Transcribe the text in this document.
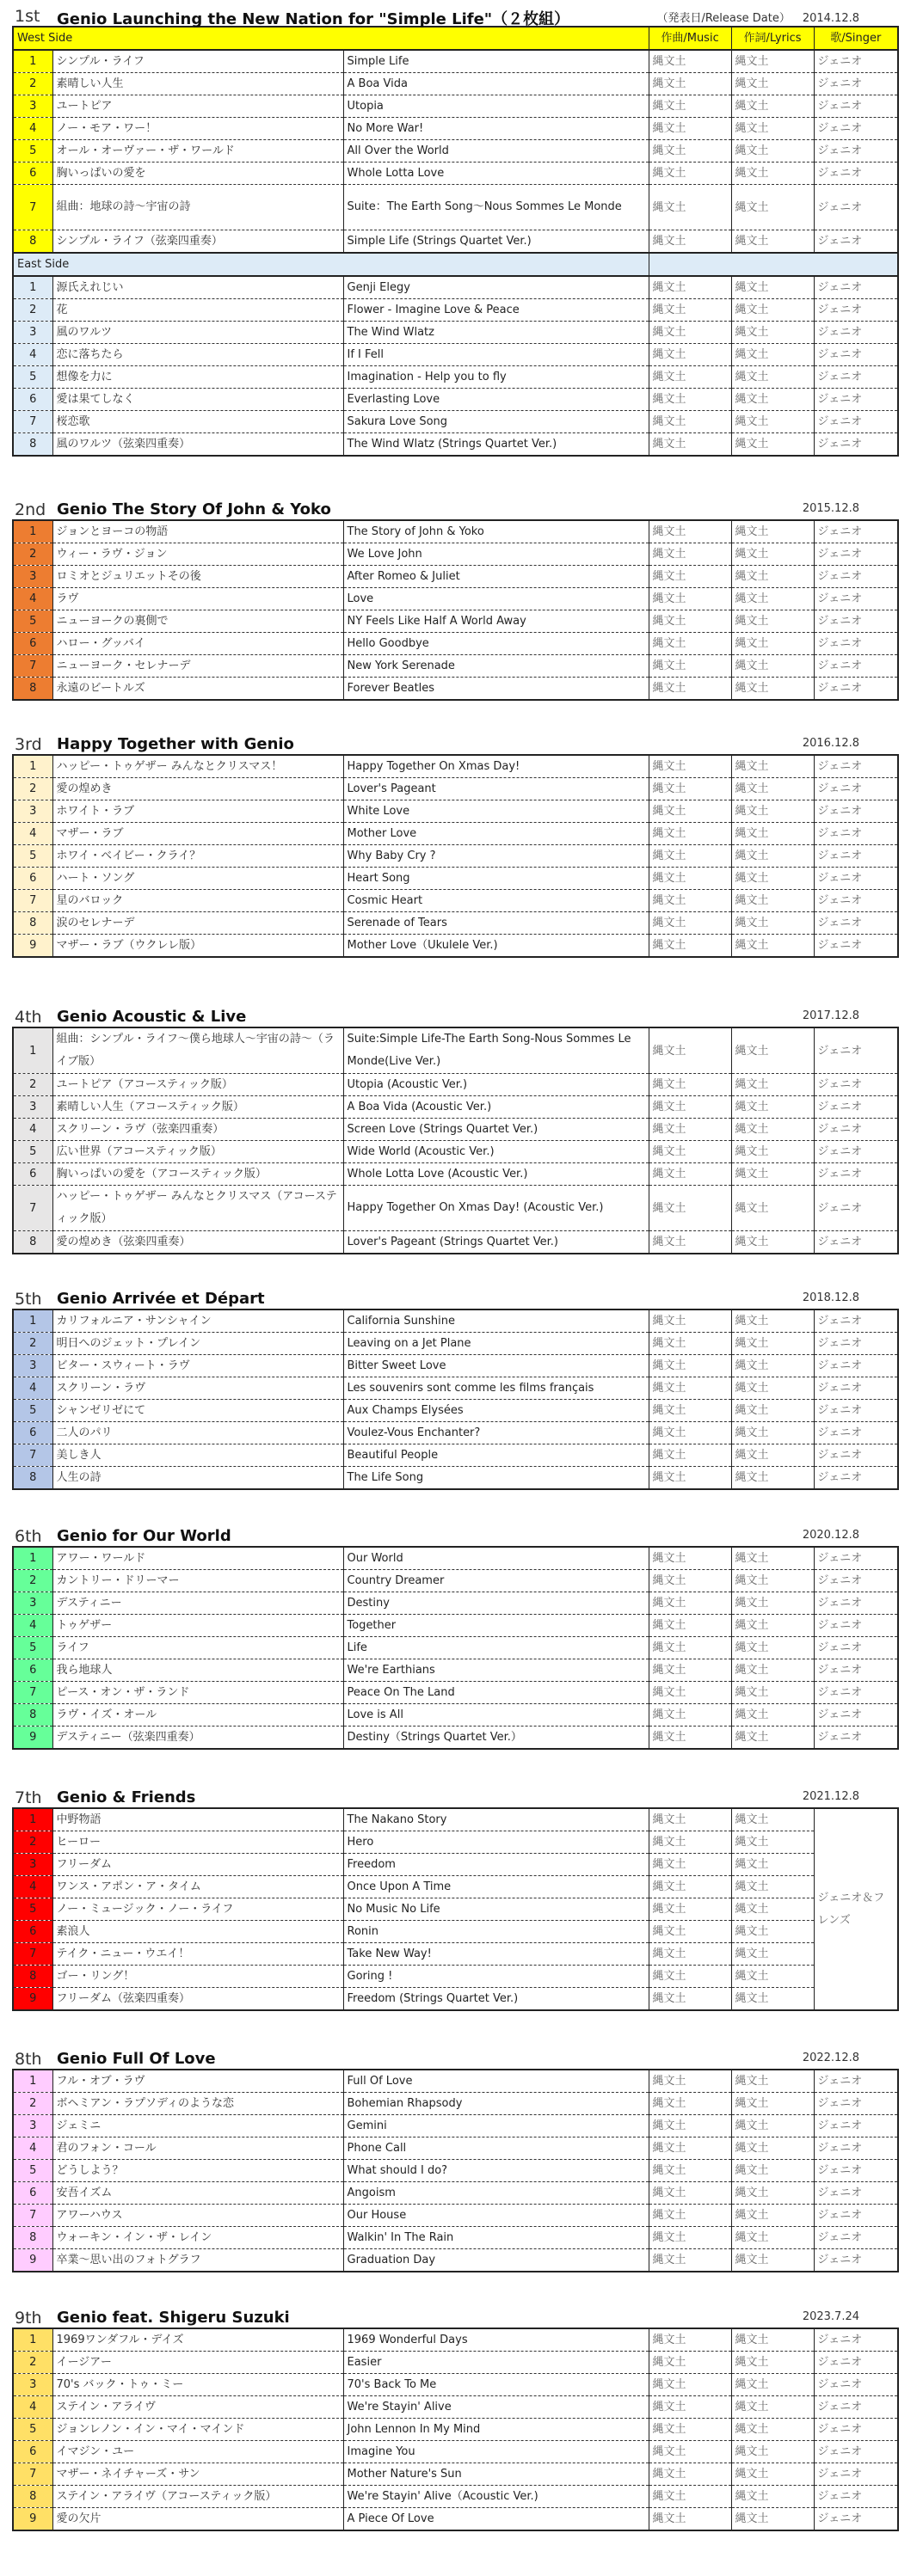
1st Genio Launching the New Nation for "Simple Life"（２枚組）	（発表日/Release Date） 2014.12.8
West Side			作曲/Music	作詞/Lyrics	歌/Singer
1	シンプル・ライフ	Simple Life	縄文土	縄文土	ジェニオ
2	素晴しい人生	A Boa Vida	縄文土	縄文土	ジェニオ
3	ユートピア	Utopia	縄文土	縄文土	ジェニオ
4	ノー・モア・ワー！	No More War!	縄文土	縄文土	ジェニオ
5	オール・オーヴァー・ザ・ワールド	All Over the World	縄文土	縄文土	ジェニオ
6	胸いっぱいの愛を	Whole Lotta Love	縄文土	縄文土	ジェニオ
7	組曲：地球の詩～宇宙の詩	Suite：The Earth Song～Nous Sommes Le Monde	縄文土	縄文土	ジェニオ
8	シンプル・ライフ（弦楽四重奏）	Simple Life (Strings Quartet Ver.)	縄文土	縄文土	ジェニオ
East Side					
1	源氏えれじい	Genji Elegy	縄文土	縄文土	ジェニオ
2	花	Flower - Imagine Love & Peace	縄文土	縄文土	ジェニオ
3	風のワルツ	The Wind Wlatz	縄文土	縄文土	ジェニオ
4	恋に落ちたら	If I Fell	縄文土	縄文土	ジェニオ
5	想像を力に	Imagination - Help you to fly	縄文土	縄文土	ジェニオ
6	愛は果てしなく	Everlasting Love	縄文土	縄文土	ジェニオ
7	桜恋歌	Sakura Love Song	縄文土	縄文土	ジェニオ
8	風のワルツ（弦楽四重奏）	The Wind Wlatz (Strings Quartet Ver.)	縄文土	縄文土	ジェニオ
2nd Genio The Story Of John & Yoko	2015.12.8
1	ジョンとヨーコの物語	The Story of John & Yoko	縄文土	縄文土	ジェニオ
2	ウィー・ラヴ・ジョン	We Love John	縄文土	縄文土	ジェニオ
3	ロミオとジュリエットその後	After Romeo & Juliet	縄文土	縄文土	ジェニオ
4	ラヴ	Love	縄文土	縄文土	ジェニオ
5	ニューヨークの裏側で	NY Feels Like Half A World Away	縄文土	縄文土	ジェニオ
6	ハロー・グッバイ	Hello Goodbye	縄文土	縄文土	ジェニオ
7	ニューヨーク・セレナーデ	New York Serenade	縄文土	縄文土	ジェニオ
8	永遠のビートルズ	Forever Beatles	縄文土	縄文土	ジェニオ
3rd Happy Together with Genio	2016.12.8
1	ハッピー・トゥゲザー みんなとクリスマス！	Happy Together On Xmas Day!	縄文土	縄文土	ジェニオ
2	愛の煌めき	Lover's Pageant	縄文土	縄文土	ジェニオ
3	ホワイト・ラブ	White Love	縄文土	縄文土	ジェニオ
4	マザー・ラブ	Mother Love	縄文土	縄文土	ジェニオ
5	ホワイ・ベイビー・クライ？	Why Baby Cry ?	縄文土	縄文土	ジェニオ
6	ハート・ソング	Heart Song	縄文土	縄文土	ジェニオ
7	星のバロック	Cosmic Heart	縄文土	縄文土	ジェニオ
8	涙のセレナーデ	Serenade of Tears	縄文土	縄文土	ジェニオ
9	マザー・ラブ（ウクレレ版）	Mother Love（Ukulele Ver.)	縄文土	縄文土	ジェニオ
4th Genio Acoustic & Live	2017.12.8
1	組曲：シンプル・ライフ～僕ら地球人～宇宙の詩～（ライブ版）	Suite:Simple Life-The Earth Song-Nous Sommes Le Monde(Live Ver.)	縄文土	縄文土	ジェニオ
2	ユートピア（アコースティック版）	Utopia (Acoustic Ver.)	縄文土	縄文土	ジェニオ
3	素晴しい人生（アコースティック版）	A Boa Vida (Acoustic Ver.)	縄文土	縄文土	ジェニオ
4	スクリーン・ラヴ（弦楽四重奏）	Screen Love (Strings Quartet Ver.)	縄文土	縄文土	ジェニオ
5	広い世界（アコースティック版）	Wide World (Acoustic Ver.)	縄文土	縄文土	ジェニオ
6	胸いっぱいの愛を（アコースティック版）	Whole Lotta Love (Acoustic Ver.)	縄文土	縄文土	ジェニオ
7	ハッピー・トゥゲザー みんなとクリスマス（アコースティック版）	Happy Together On Xmas Day! (Acoustic Ver.)	縄文土	縄文土	ジェニオ
8	愛の煌めき（弦楽四重奏）	Lover's Pageant (Strings Quartet Ver.)	縄文土	縄文土	ジェニオ
5th Genio Arrivée et Départ	2018.12.8
1	カリフォルニア・サンシャイン	California Sunshine	縄文土	縄文土	ジェニオ
2	明日へのジェット・プレイン	Leaving on a Jet Plane	縄文土	縄文土	ジェニオ
3	ビター・スウィート・ラヴ	Bitter Sweet Love	縄文土	縄文土	ジェニオ
4	スクリーン・ラヴ	Les souvenirs sont comme les films français	縄文土	縄文土	ジェニオ
5	シャンゼリゼにて	Aux Champs Elysées	縄文土	縄文土	ジェニオ
6	二人のパリ	Voulez-Vous Enchanter?	縄文土	縄文土	ジェニオ
7	美しき人	Beautiful People	縄文土	縄文土	ジェニオ
8	人生の詩	The Life Song	縄文土	縄文土	ジェニオ
6th Genio for Our World	2020.12.8
1	アワー・ワールド	Our World	縄文土	縄文土	ジェニオ
2	カントリー・ドリーマー	Country Dreamer	縄文土	縄文土	ジェニオ
3	デスティニー	Destiny	縄文土	縄文土	ジェニオ
4	トゥゲザー	Together	縄文土	縄文土	ジェニオ
5	ライフ	Life	縄文土	縄文土	ジェニオ
6	我ら地球人	We're Earthians	縄文土	縄文土	ジェニオ
7	ピース・オン・ザ・ランド	Peace On The Land	縄文土	縄文土	ジェニオ
8	ラヴ・イズ・オール	Love is All	縄文土	縄文土	ジェニオ
9	デスティニー（弦楽四重奏）	Destiny（Strings Quartet Ver.）	縄文土	縄文土	ジェニオ
7th Genio & Friends	2021.12.8
1	中野物語	The Nakano Story	縄文土	縄文土	ジェニオ＆フレンズ
2	ヒーロー	Hero	縄文土	縄文土	
3	フリーダム	Freedom	縄文土	縄文土	
4	ワンス・アポン・ア・タイム	Once Upon A Time	縄文土	縄文土	
5	ノー・ミュージック・ノー・ライフ	No Music No Life	縄文土	縄文土	
6	素浪人	Ronin	縄文土	縄文土	
7	テイク・ニュー・ウエイ！	Take New Way!	縄文土	縄文土	
8	ゴー・リング！	Goring !	縄文土	縄文土	
9	フリーダム（弦楽四重奏）	Freedom (Strings Quartet Ver.)	縄文土	縄文土	
8th Genio Full Of Love	2022.12.8
1	フル・オブ・ラヴ	Full Of Love	縄文土	縄文土	ジェニオ
2	ボヘミアン・ラプソディのような恋	Bohemian Rhapsody	縄文土	縄文土	ジェニオ
3	ジェミニ	Gemini	縄文土	縄文土	ジェニオ
4	君のフォン・コール	Phone Call	縄文土	縄文土	ジェニオ
5	どうしよう？	What should I do?	縄文土	縄文土	ジェニオ
6	安吾イズム	Angoism	縄文土	縄文土	ジェニオ
7	アワーハウス	Our House	縄文土	縄文土	ジェニオ
8	ウォーキン・イン・ザ・レイン	Walkin' In The Rain	縄文土	縄文土	ジェニオ
9	卒業～思い出のフォトグラフ	Graduation Day	縄文土	縄文土	ジェニオ
9th Genio feat. Shigeru Suzuki	2023.7.24
1	1969ワンダフル・デイズ	1969 Wonderful Days	縄文土	縄文土	ジェニオ
2	イージアー	Easier	縄文土	縄文土	ジェニオ
3	70's バック・トゥ・ミー	70's Back To Me	縄文土	縄文土	ジェニオ
4	ステイン・アライヴ	We're Stayin' Alive	縄文土	縄文土	ジェニオ
5	ジョンレノン・イン・マイ・マインド	John Lennon In My Mind	縄文土	縄文土	ジェニオ
6	イマジン・ユー	Imagine You	縄文土	縄文土	ジェニオ
7	マザー・ネイチャーズ・サン	Mother Nature's Sun	縄文土	縄文土	ジェニオ
8	ステイン・アライヴ（アコースティック版）	We're Stayin' Alive（Acoustic Ver.)	縄文土	縄文土	ジェニオ
9	愛の欠片	A Piece Of Love	縄文土	縄文土	ジェニオ
